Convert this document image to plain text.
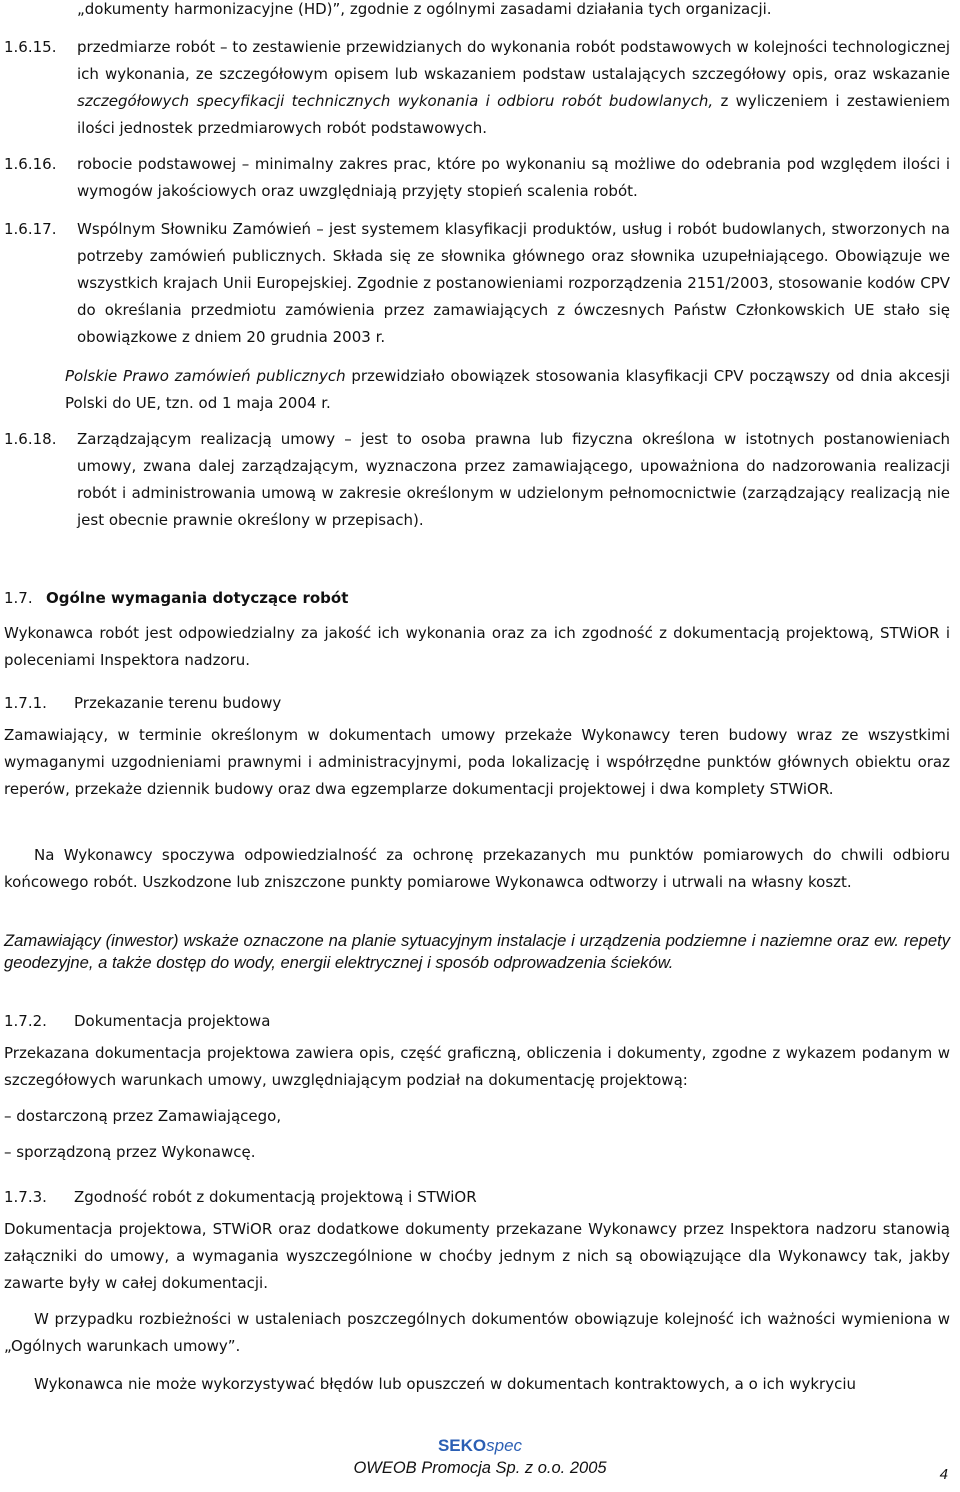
„dokumenty harmonizacyjne (HD)”, zgodnie z ogólnymi zasadami działania tych organizacji.
1.6.15. przedmiarze robót – to zestawienie przewidzianych do wykonania robót podstawowych w kolejności technologicznej ich wykonania, ze szczegółowym opisem lub wskazaniem podstaw ustalających szczegółowy opis, oraz wskazanie szczegółowych specyfikacji technicznych wykonania i odbioru robót budowlanych, z wyliczeniem i zestawieniem ilości jednostek przedmiarowych robót podstawowych.
1.6.16. robocie podstawowej – minimalny zakres prac, które po wykonaniu są możliwe do odebrania pod względem ilości i wymogów jakościowych oraz uwzględniają przyjęty stopień scalenia robót.
1.6.17. Wspólnym Słowniku Zamówień – jest systemem klasyfikacji produktów, usług i robót budowlanych, stworzonych na potrzeby zamówień publicznych. Składa się ze słownika głównego oraz słownika uzupełniającego. Obowiązuje we wszystkich krajach Unii Europejskiej. Zgodnie z postanowieniami rozporządzenia 2151/2003, stosowanie kodów CPV do określania przedmiotu zamówienia przez zamawiających z ówczesnych Państw Członkowskich UE stało się obowiązkowe z dniem 20 grudnia 2003 r.
Polskie Prawo zamówień publicznych przewidziało obowiązek stosowania klasyfikacji CPV począwszy od dnia akcesji Polski do UE, tzn. od 1 maja 2004 r.
1.6.18. Zarządzającym realizacją umowy – jest to osoba prawna lub fizyczna określona w istotnych postanowieniach umowy, zwana dalej zarządzającym, wyznaczona przez zamawiającego, upoważniona do nadzorowania realizacji robót i administrowania umową w zakresie określonym w udzielonym pełnomocnictwie (zarządzający realizacją nie jest obecnie prawnie określony w przepisach).
1.7. Ogólne wymagania dotyczące robót
Wykonawca robót jest odpowiedzialny za jakość ich wykonania oraz za ich zgodność z dokumentacją projektową, STWiOR i poleceniami Inspektora nadzoru.
1.7.1. Przekazanie terenu budowy
Zamawiający, w terminie określonym w dokumentach umowy przekaże Wykonawcy teren budowy wraz ze wszystkimi wymaganymi uzgodnieniami prawnymi i administracyjnymi, poda lokalizację i współrzędne punktów głównych obiektu oraz reperów, przekaże dziennik budowy oraz dwa egzemplarze dokumentacji projektowej i dwa komplety STWiOR.
Na Wykonawcy spoczywa odpowiedzialność za ochronę przekazanych mu punktów pomiarowych do chwili odbioru końcowego robót. Uszkodzone lub zniszczone punkty pomiarowe Wykonawca odtworzy i utrwali na własny koszt.
Zamawiający (inwestor) wskaże oznaczone na planie sytuacyjnym instalacje i urządzenia podziemne i naziemne oraz ew. repety geodezyjne, a także dostęp do wody, energii elektrycznej i sposób odprowadzenia ścieków.
1.7.2. Dokumentacja projektowa
Przekazana dokumentacja projektowa zawiera opis, część graficzną, obliczenia i dokumenty, zgodne z wykazem podanym w szczegółowych warunkach umowy, uwzględniającym podział na dokumentację projektową:
– dostarczoną przez Zamawiającego,
– sporządzoną przez Wykonawcę.
1.7.3. Zgodność robót z dokumentacją projektową i STWiOR
Dokumentacja projektowa, STWiOR oraz dodatkowe dokumenty przekazane Wykonawcy przez Inspektora nadzoru stanowią załączniki do umowy, a wymagania wyszczególnione w choćby jednym z nich są obowiązujące dla Wykonawcy tak, jakby zawarte były w całej dokumentacji.
W przypadku rozbieżności w ustaleniach poszczególnych dokumentów obowiązuje kolejność ich ważności wymieniona w „Ogólnych warunkach umowy”.
Wykonawca nie może wykorzystywać błędów lub opuszczeń w dokumentach kontraktowych, a o ich wykryciu
SEKOspec
OWEOB Promocja Sp. z o.o. 2005	4
